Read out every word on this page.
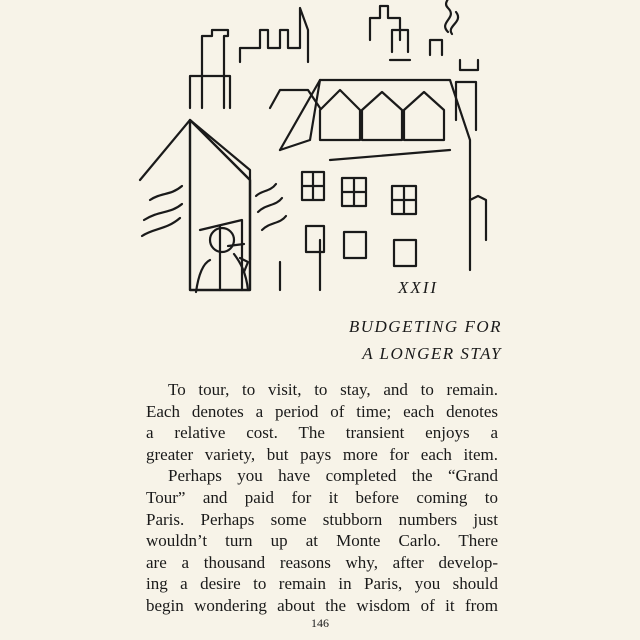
XXII
BUDGETING FOR
A LONGER STAY
To tour, to visit, to stay, and to remain.
Each denotes a period of time; each denotes
a relative cost. The transient enjoys a
greater variety, but pays more for each item.
Perhaps you have completed the “Grand
Tour” and paid for it before coming to
Paris. Perhaps some stubborn numbers just
wouldn’t turn up at Monte Carlo. There
are a thousand reasons why, after develop-
ing a desire to remain in Paris, you should
begin wondering about the wisdom of it from
146
